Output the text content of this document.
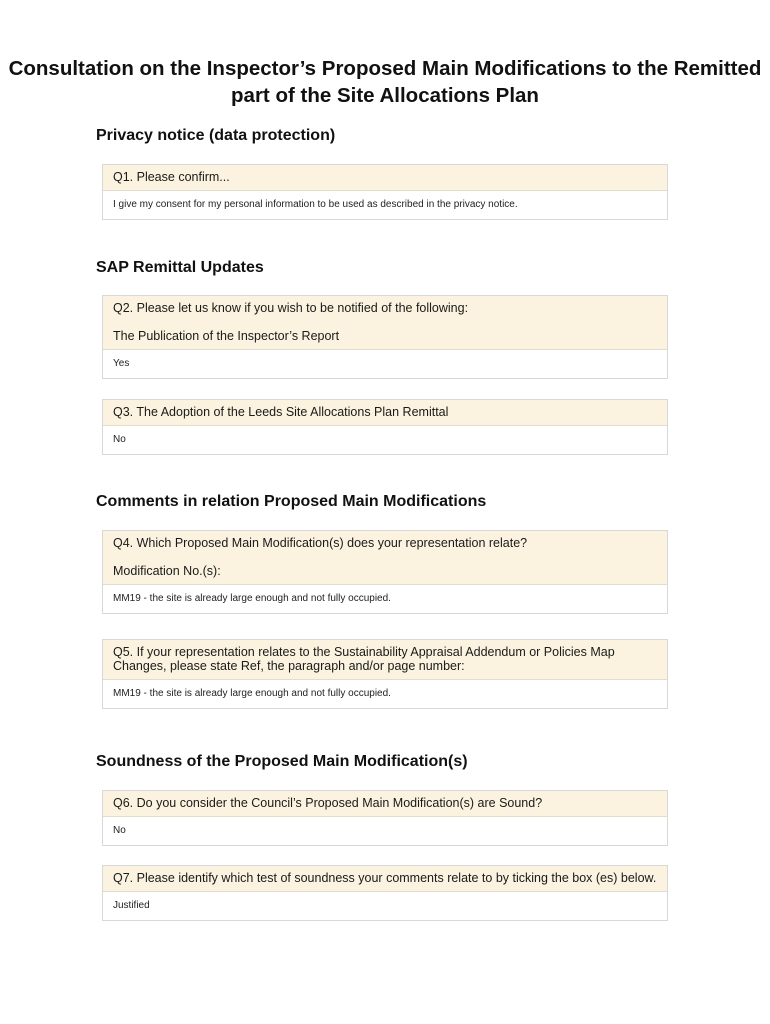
Consultation on the Inspector’s Proposed Main Modifications to the Remitted part of the Site Allocations Plan
Privacy notice (data protection)
Q1. Please confirm...
I give my consent for my personal information to be used as described in the privacy notice.
SAP Remittal Updates
Q2. Please let us know if you wish to be notified of the following:
The Publication of the Inspector’s Report
Yes
Q3. The Adoption of the Leeds Site Allocations Plan Remittal
No
Comments in relation Proposed Main Modifications
Q4. Which Proposed Main Modification(s) does your representation relate?
Modification No.(s):
MM19 - the site is already large enough and not fully occupied.
Q5. If your representation relates to the Sustainability Appraisal Addendum or Policies Map Changes, please state Ref, the paragraph and/or page number:
MM19 - the site is already large enough and not fully occupied.
Soundness of the Proposed Main Modification(s)
Q6. Do you consider the Council’s Proposed Main Modification(s) are Sound?
No
Q7. Please identify which test of soundness your comments relate to by ticking the box (es) below.
Justified
